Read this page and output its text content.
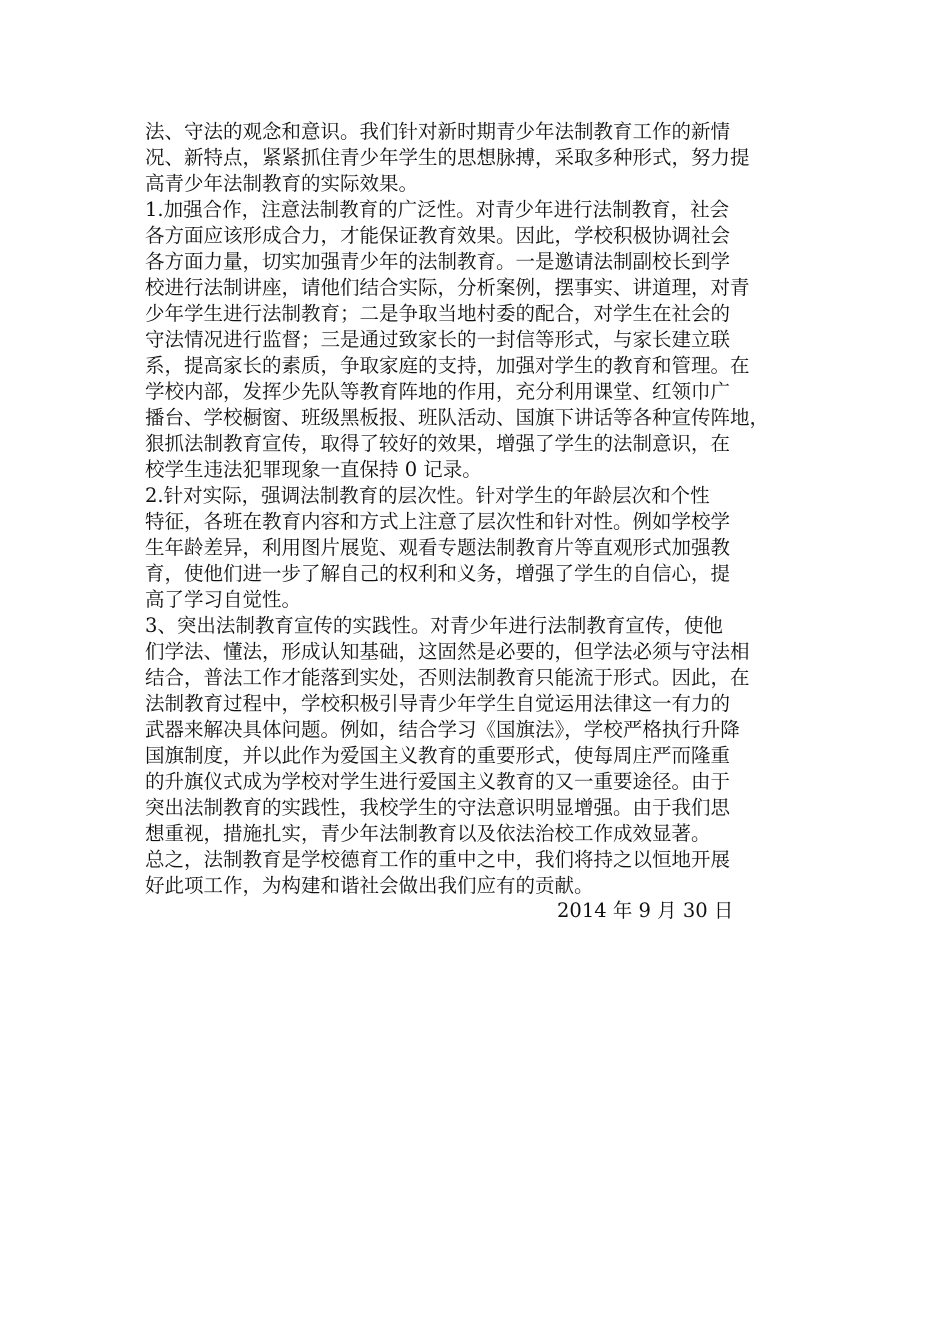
法、守法的观念和意识。我们针对新时期青少年法制教育工作的新情
况、新特点，紧紧抓住青少年学生的思想脉搏，采取多种形式，努力提
高青少年法制教育的实际效果。
1.加强合作，注意法制教育的广泛性。对青少年进行法制教育，社会
各方面应该形成合力，才能保证教育效果。因此，学校积极协调社会
各方面力量，切实加强青少年的法制教育。一是邀请法制副校长到学
校进行法制讲座，请他们结合实际，分析案例，摆事实、讲道理，对青
少年学生进行法制教育；二是争取当地村委的配合，对学生在社会的
守法情况进行监督；三是通过致家长的一封信等形式，与家长建立联
系，提高家长的素质，争取家庭的支持，加强对学生的教育和管理。在
学校内部，发挥少先队等教育阵地的作用，充分利用课堂、红领巾广
播台、学校橱窗、班级黑板报、班队活动、国旗下讲话等各种宣传阵地，
狠抓法制教育宣传，取得了较好的效果，增强了学生的法制意识，在
校学生违法犯罪现象一直保持 0 记录。
2.针对实际，强调法制教育的层次性。针对学生的年龄层次和个性
特征，各班在教育内容和方式上注意了层次性和针对性。例如学校学
生年龄差异，利用图片展览、观看专题法制教育片等直观形式加强教
育，使他们进一步了解自己的权利和义务，增强了学生的自信心，提
高了学习自觉性。
3、突出法制教育宣传的实践性。对青少年进行法制教育宣传，使他
们学法、懂法，形成认知基础，这固然是必要的，但学法必须与守法相
结合，普法工作才能落到实处，否则法制教育只能流于形式。因此，在
法制教育过程中，学校积极引导青少年学生自觉运用法律这一有力的
武器来解决具体问题。例如，结合学习《国旗法》，学校严格执行升降
国旗制度，并以此作为爱国主义教育的重要形式，使每周庄严而隆重
的升旗仪式成为学校对学生进行爱国主义教育的又一重要途径。由于
突出法制教育的实践性，我校学生的守法意识明显增强。由于我们思
想重视，措施扎实，青少年法制教育以及依法治校工作成效显著。
总之，法制教育是学校德育工作的重中之中，我们将持之以恒地开展
好此项工作，为构建和谐社会做出我们应有的贡献。
2014 年 9 月 30 日
